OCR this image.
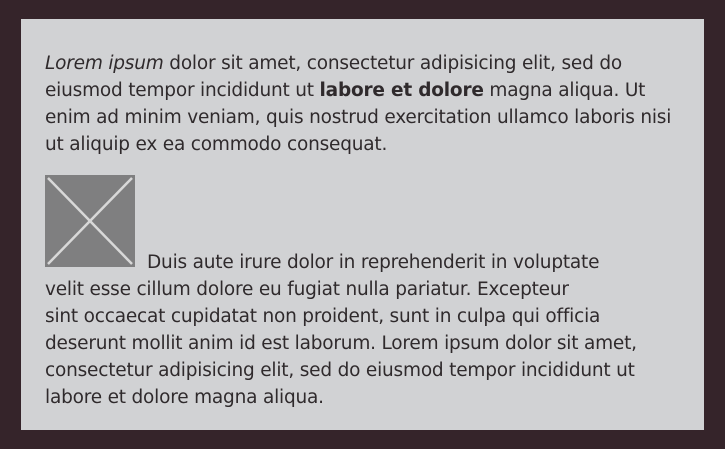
Lorem ipsum dolor sit amet, consectetur adipisicing elit, sed do eiusmod tempor incididunt ut labore et dolore magna aliqua. Ut enim ad minim veniam, quis nostrud exercitation ullamco laboris nisi ut aliquip ex ea commodo consequat.

Duis aute irure dolor in reprehenderit in voluptate
velit esse cillum dolore eu fugiat nulla pariatur. Excepteur
sint occaecat cupidatat non proident, sunt in culpa qui officia
deserunt mollit anim id est laborum. Lorem ipsum dolor sit amet,
consectetur adipisicing elit, sed do eiusmod tempor incididunt ut
labore et dolore magna aliqua.
